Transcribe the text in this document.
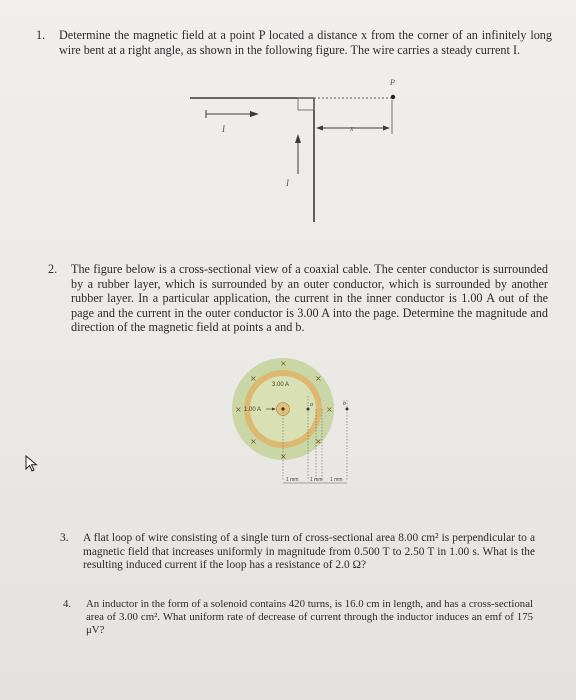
1. Determine the magnetic field at a point P located a distance x from the corner of an infinitely long wire bent at a right angle, as shown in the following figure. The wire carries a steady current I.
P
I
I
x
2. The figure below is a cross-sectional view of a coaxial cable. The center conductor is surrounded by a rubber layer, which is surrounded by an outer conductor, which is surrounded by another rubber layer. In a particular application, the current in the inner conductor is 1.00 A out of the page and the current in the outer conductor is 3.00 A into the page. Determine the magnitude and direction of the magnetic field at points a and b.
×
×	×
×	×
×	×
×
3.00 A
1.00 A
a	b
1 mm 1 mm 1 mm
3. A flat loop of wire consisting of a single turn of cross-sectional area 8.00 cm² is perpendicular to a magnetic field that increases uniformly in magnitude from 0.500 T to 2.50 T in 1.00 s. What is the resulting induced current if the loop has a resistance of 2.0 Ω?
4. An inductor in the form of a solenoid contains 420 turns, is 16.0 cm in length, and has a cross-sectional area of 3.00 cm². What uniform rate of decrease of current through the inductor induces an emf of 175 μV?
